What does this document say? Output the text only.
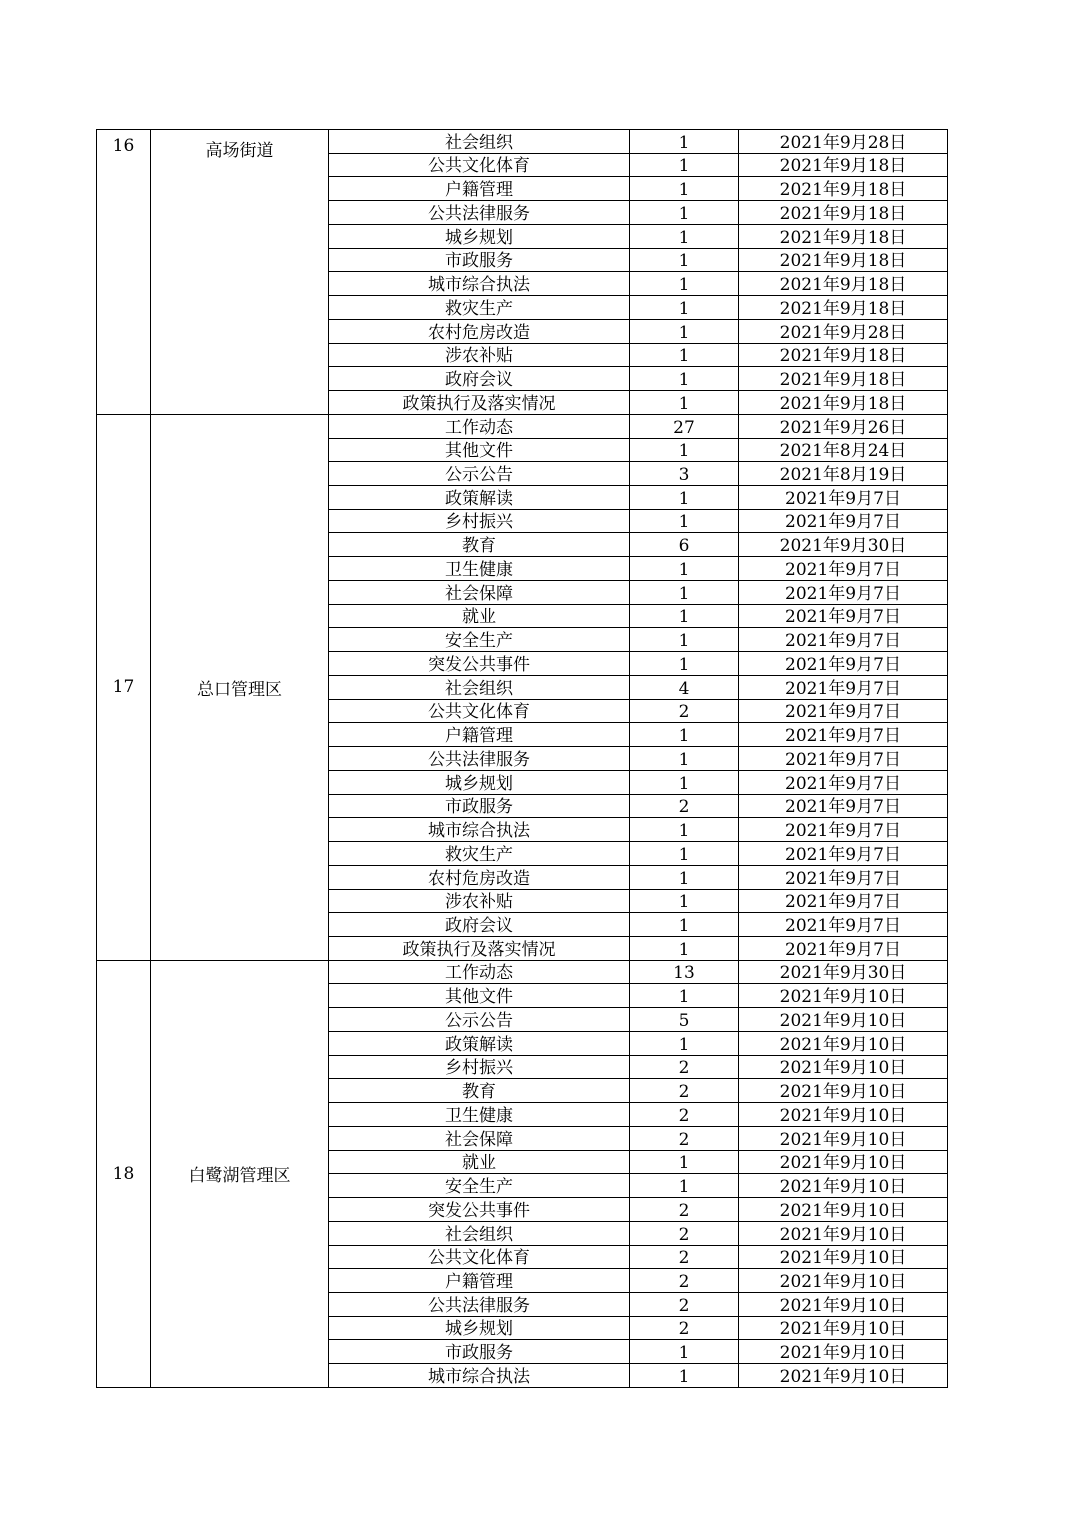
16	高场街道	社会组织	1	2021年9月28日
		公共文化体育	1	2021年9月18日
		户籍管理	1	2021年9月18日
		公共法律服务	1	2021年9月18日
		城乡规划	1	2021年9月18日
		市政服务	1	2021年9月18日
		城市综合执法	1	2021年9月18日
		救灾生产	1	2021年9月18日
		农村危房改造	1	2021年9月28日
		涉农补贴	1	2021年9月18日
		政府会议	1	2021年9月18日
		政策执行及落实情况	1	2021年9月18日
17	总口管理区	工作动态	27	2021年9月26日
		其他文件	1	2021年8月24日
		公示公告	3	2021年8月19日
		政策解读	1	2021年9月7日
		乡村振兴	1	2021年9月7日
		教育	6	2021年9月30日
		卫生健康	1	2021年9月7日
		社会保障	1	2021年9月7日
		就业	1	2021年9月7日
		安全生产	1	2021年9月7日
		突发公共事件	1	2021年9月7日
		社会组织	4	2021年9月7日
		公共文化体育	2	2021年9月7日
		户籍管理	1	2021年9月7日
		公共法律服务	1	2021年9月7日
		城乡规划	1	2021年9月7日
		市政服务	2	2021年9月7日
		城市综合执法	1	2021年9月7日
		救灾生产	1	2021年9月7日
		农村危房改造	1	2021年9月7日
		涉农补贴	1	2021年9月7日
		政府会议	1	2021年9月7日
		政策执行及落实情况	1	2021年9月7日
18	白鹭湖管理区	工作动态	13	2021年9月30日
		其他文件	1	2021年9月10日
		公示公告	5	2021年9月10日
		政策解读	1	2021年9月10日
		乡村振兴	2	2021年9月10日
		教育	2	2021年9月10日
		卫生健康	2	2021年9月10日
		社会保障	2	2021年9月10日
		就业	1	2021年9月10日
		安全生产	1	2021年9月10日
		突发公共事件	2	2021年9月10日
		社会组织	2	2021年9月10日
		公共文化体育	2	2021年9月10日
		户籍管理	2	2021年9月10日
		公共法律服务	2	2021年9月10日
		城乡规划	2	2021年9月10日
		市政服务	1	2021年9月10日
		城市综合执法	1	2021年9月10日
